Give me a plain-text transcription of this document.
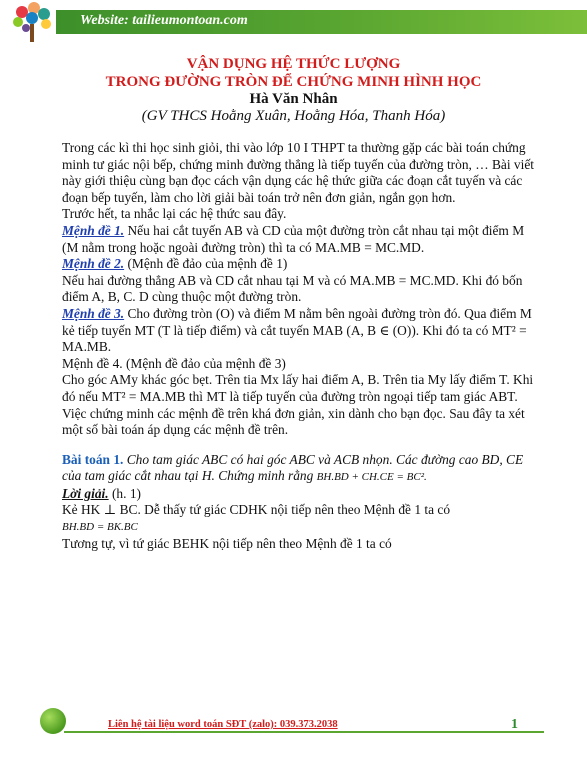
Website: tailieumontoan.com
VẬN DỤNG HỆ THỨC LƯỢNG
TRONG ĐƯỜNG TRÒN ĐỂ CHỨNG MINH HÌNH HỌC
Hà Văn Nhân
(GV THCS Hoằng Xuân, Hoằng Hóa, Thanh Hóa)

Trong các kì thi học sinh giỏi, thi vào lớp 10 I THPT ta thường gặp các bài toán chứng minh tư giác nội bếp, chứng minh đường thẳng là tiếp tuyến của đường tròn, … Bài viết này giới thiệu cùng bạn đọc cách vận dụng các hệ thức giữa các đoạn cắt tuyến và các đoạn bếp tuyến, làm cho lời giải bài toán trở nên đơn giản, ngắn gọn hơn.

Trước hết, ta nhắc lại các hệ thức sau đây.

Mệnh đề 1. Nếu hai cắt tuyến AB và CD của một đường tròn cắt nhau tại một điểm M (M nằm trong hoặc ngoài đường tròn) thì ta có MA.MB = MC.MD.

Mệnh đề 2. (Mệnh đề đảo của mệnh đề 1)

Nếu hai đường thẳng AB và CD cắt nhau tại M và có MA.MB = MC.MD. Khi đó bốn điểm A, B, C. D cùng thuộc một đường tròn.

Mệnh đề 3. Cho đường tròn (O) và điểm M nằm bên ngoài đường tròn đó. Qua điểm M kẻ tiếp tuyến MT (T là tiếp điểm) và cắt tuyến MAB (A, B ∈ (O)). Khi đó ta có MT² = MA.MB.

Mệnh đề 4. (Mệnh đề đảo của mệnh đề 3)

Cho góc AMy khác góc bẹt. Trên tia Mx lấy hai điểm A, B. Trên tia My lấy điểm T. Khi đó nếu MT² = MA.MB thì MT là tiếp tuyến của đường tròn ngoại tiếp tam giác ABT.

Việc chứng minh các mệnh đề trên khá đơn giản, xin dành cho bạn đọc. Sau đây ta xét một số bài toán áp dụng các mệnh đề trên.

Bài toán 1. Cho tam giác ABC có hai góc ABC và ACB nhọn. Các đường cao BD, CE của tam giác cắt nhau tại H. Chứng minh rằng BH.BD + CH.CE = BC².

Lời giải. (h. 1)

Kẻ HK ⊥ BC. Dễ thấy tứ giác CDHK nội tiếp nên theo Mệnh đề 1 ta có

BH.BD = BK.BC

Tương tự, vì tứ giác BEHK nội tiếp nên theo Mệnh đề 1 ta có

Liên hệ tài liệu word toán SĐT (zalo): 039.373.2038	1
